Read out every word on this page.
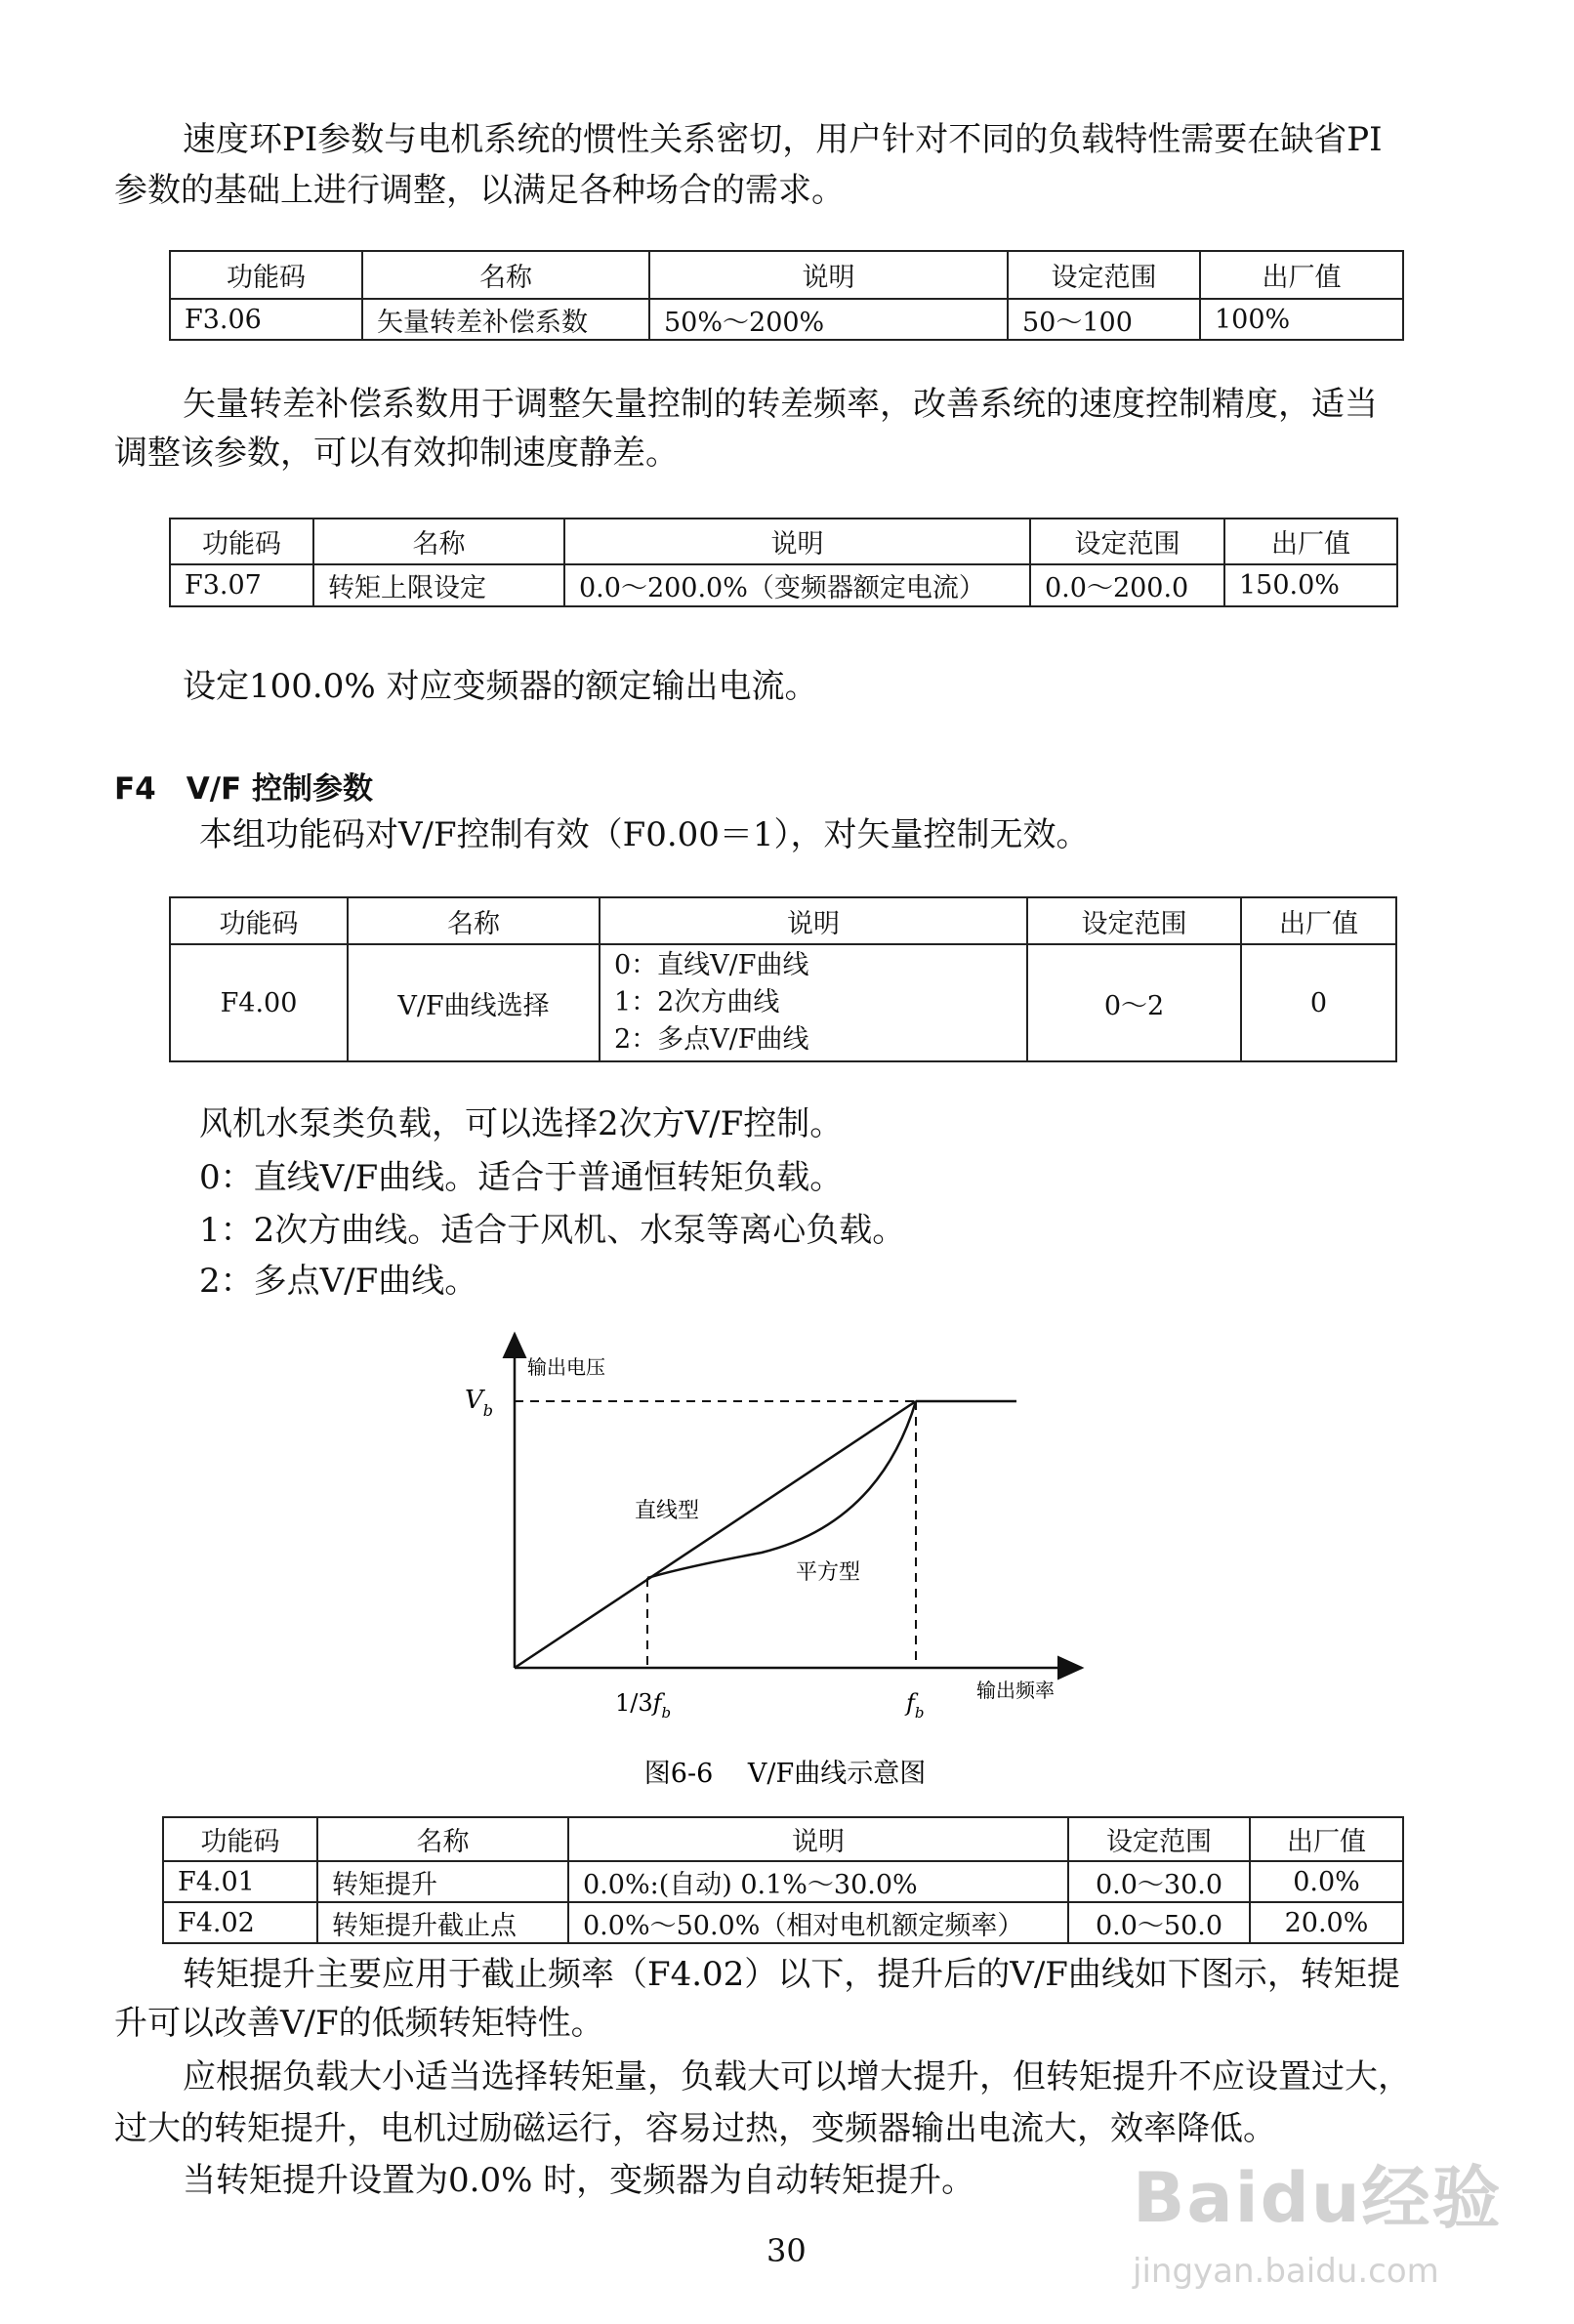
速度环PI参数与电机系统的惯性关系密切，用户针对不同的负载特性需要在缺省PI
参数的基础上进行调整，以满足各种场合的需求。
功能码	名称	说明	设定范围	出厂值
F3.06	矢量转差补偿系数	50%～200%	50～100	100%
矢量转差补偿系数用于调整矢量控制的转差频率，改善系统的速度控制精度，适当
调整该参数，可以有效抑制速度静差。
功能码	名称	说明	设定范围	出厂值
F3.07	转矩上限设定	0.0～200.0%（变频器额定电流）	0.0～200.0	150.0%
设定100.0% 对应变频器的额定输出电流。
F4　V/F 控制参数
本组功能码对V/F控制有效（F0.00＝1），对矢量控制无效。
功能码	名称	说明	设定范围	出厂值
F4.00	V/F曲线选择	0：直线V/F曲线
1：2次方曲线
2：多点V/F曲线	0～2	0
风机水泵类负载，可以选择2次方V/F控制。
0：直线V/F曲线。适合于普通恒转矩负载。
1：2次方曲线。适合于风机、水泵等离心负载。
2：多点V/F曲线。
输出电压
输出频率
$V_b$
$1/3f_b$	$f_b$
直线型
平方型
图6-6　 V/F曲线示意图
功能码	名称	说明	设定范围	出厂值
F4.01	转矩提升	0.0%:(自动) 0.1%～30.0%	0.0～30.0	0.0%
F4.02	转矩提升截止点	0.0%～50.0%（相对电机额定频率）	0.0～50.0	20.0%
转矩提升主要应用于截止频率（F4.02）以下，提升后的V/F曲线如下图示，转矩提
升可以改善V/F的低频转矩特性。
应根据负载大小适当选择转矩量，负载大可以增大提升，但转矩提升不应设置过大，
过大的转矩提升，电机过励磁运行，容易过热，变频器输出电流大，效率降低。
当转矩提升设置为0.0% 时，变频器为自动转矩提升。
30
Baidu经验
jingyan.baidu.com
